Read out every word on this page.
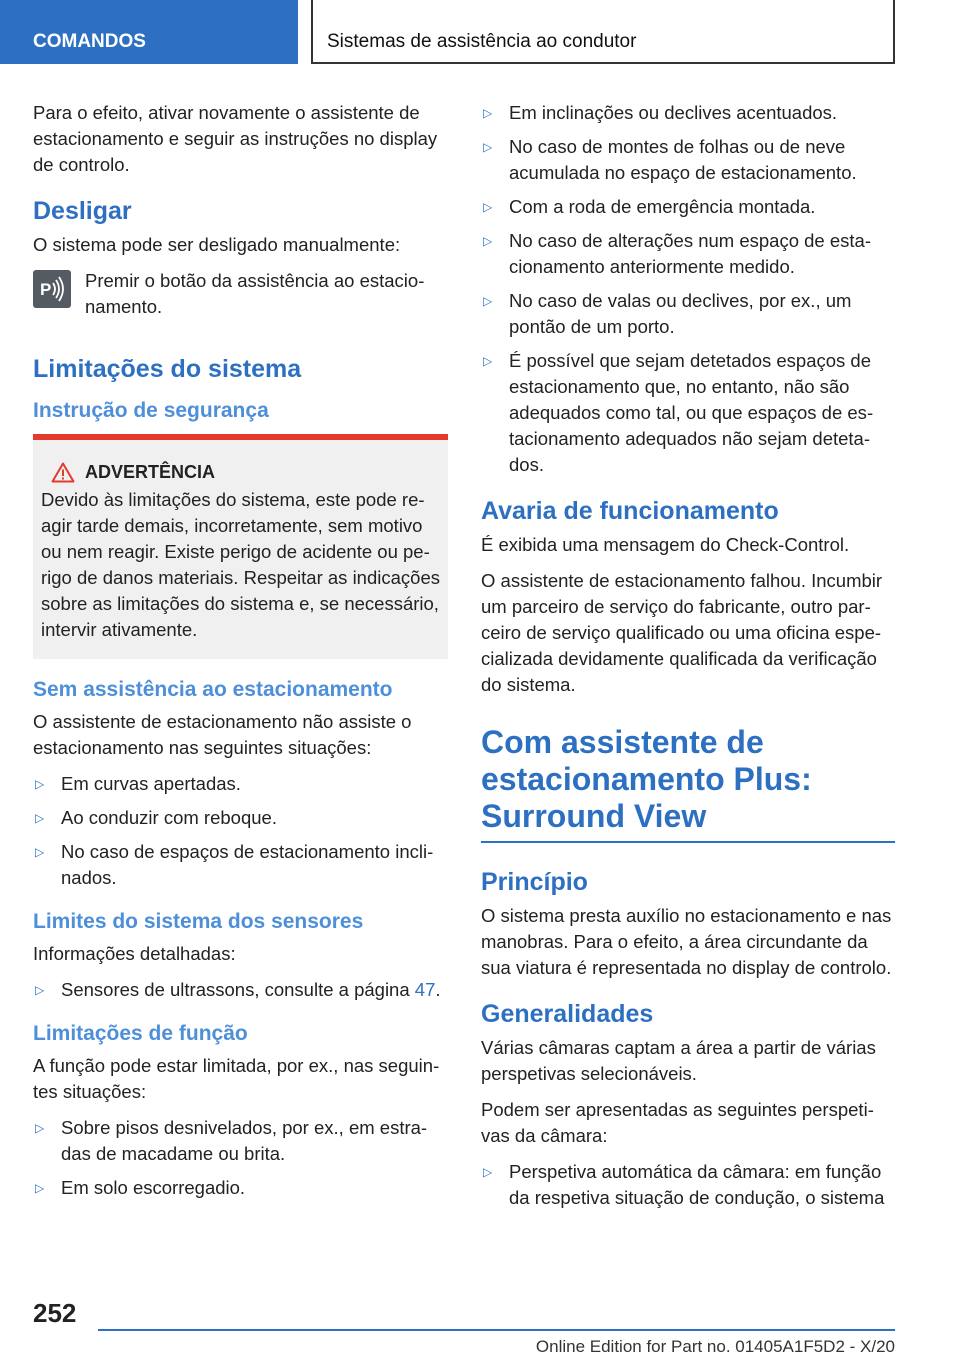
COMANDOS	Sistemas de assistência ao condutor

Para o efeito, ativar novamente o assistente de estacionamento e seguir as instruções no display de controlo.

Desligar

O sistema pode ser desligado manualmente:

P Premir o botão da assistência ao estacionamento.

Limitações do sistema
Instrução de segurança
ADVERTÊNCIA

Devido às limitações do sistema, este pode reagir tarde demais, incorretamente, sem motivo ou nem reagir. Existe perigo de acidente ou perigo de danos materiais. Respeitar as indicações sobre as limitações do sistema e, se necessário, intervir ativamente.

Sem assistência ao estacionamento

O assistente de estacionamento não assiste o estacionamento nas seguintes situações:

▷ Em curvas apertadas.
▷ Ao conduzir com reboque.
▷ No caso de espaços de estacionamento inclinados.
Limites do sistema dos sensores

Informações detalhadas:

▷ Sensores de ultrassons, consulte a página 47.
Limitações de função

A função pode estar limitada, por ex., nas seguintes situações:

▷ Sobre pisos desnivelados, por ex., em estradas de macadame ou brita.
▷ Em solo escorregadio.
▷ Em inclinações ou declives acentuados.
▷ No caso de montes de folhas ou de neve acumulada no espaço de estacionamento.
▷ Com a roda de emergência montada.
▷ No caso de alterações num espaço de estacionamento anteriormente medido.
▷ No caso de valas ou declives, por ex., um pontão de um porto.
▷ É possível que sejam detetados espaços de estacionamento que, no entanto, não são adequados como tal, ou que espaços de estacionamento adequados não sejam detetados.
Avaria de funcionamento

É exibida uma mensagem do Check-Control.

O assistente de estacionamento falhou. Incumbir um parceiro de serviço do fabricante, outro parceiro de serviço qualificado ou uma oficina especializada devidamente qualificada da verificação do sistema.

Com assistente de estacionamento Plus: Surround View
Princípio

O sistema presta auxílio no estacionamento e nas manobras. Para o efeito, a área circundante da sua viatura é representada no display de controlo.

Generalidades

Várias câmaras captam a área a partir de várias perspetivas selecionáveis.

Podem ser apresentadas as seguintes perspetivas da câmara:

▷ Perspetiva automática da câmara: em função da respetiva situação de condução, o sistema
252
Online Edition for Part no. 01405A1F5D2 - X/20
